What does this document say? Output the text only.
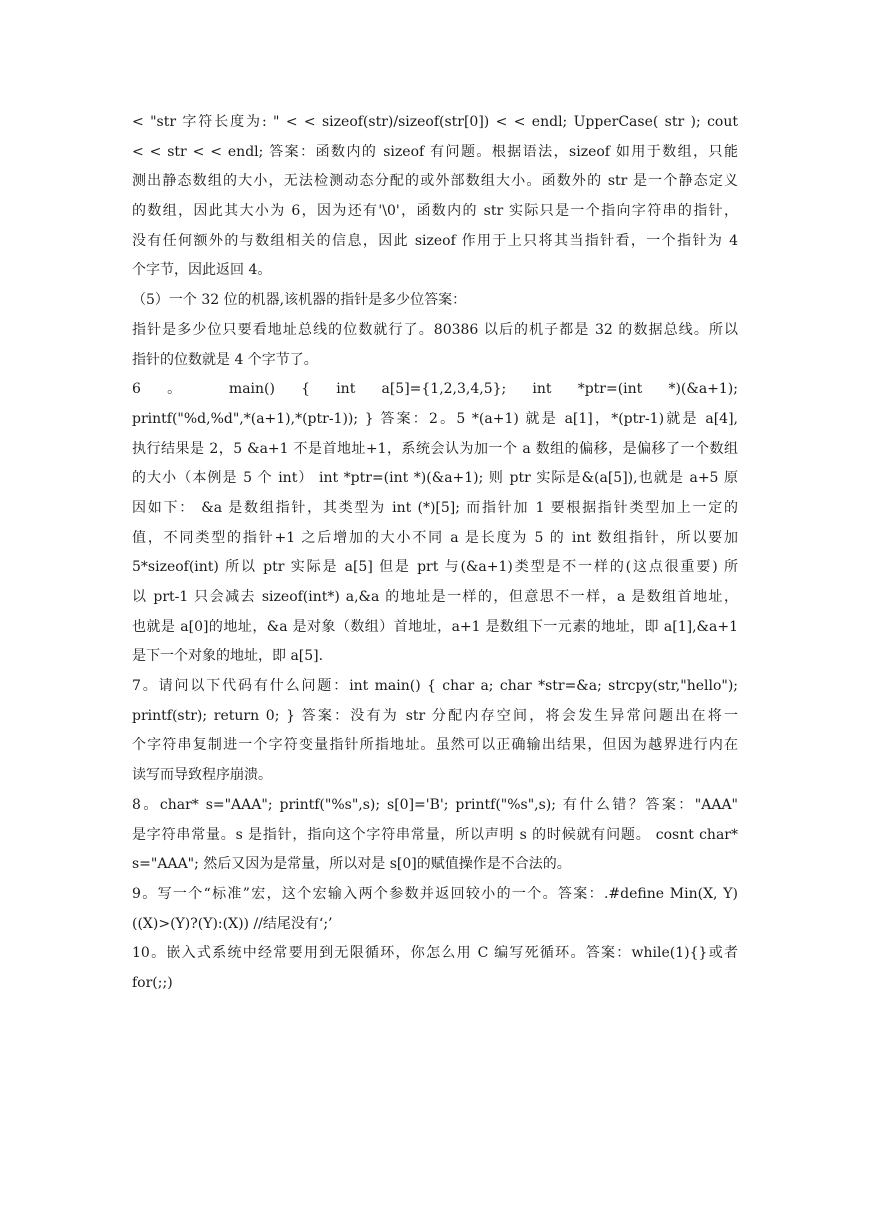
< "str 字符长度为: " < < sizeof(str)/sizeof(str[0]) < < endl; UpperCase( str ); cout
< < str < < endl; 答案：函数内的 sizeof 有问题。根据语法，sizeof 如用于数组，只能
测出静态数组的大小，无法检测动态分配的或外部数组大小。函数外的 str 是一个静态定义
的数组，因此其大小为 6，因为还有'\0'，函数内的 str 实际只是一个指向字符串的指针，
没有任何额外的与数组相关的信息，因此 sizeof 作用于上只将其当指针看，一个指针为 4
个字节，因此返回 4。
（5）一个 32 位的机器,该机器的指针是多少位答案：
指针是多少位只要看地址总线的位数就行了。80386 以后的机子都是 32 的数据总线。所以
指针的位数就是 4 个字节了。
6 。 main() { int a[5]={1,2,3,4,5}; int *ptr=(int *)(&a+1);
printf("%d,%d",*(a+1),*(ptr-1)); } 答案：2。5 *(a+1) 就是 a[1]，*(ptr-1)就是 a[4],
执行结果是 2，5 &a+1 不是首地址+1，系统会认为加一个 a 数组的偏移，是偏移了一个数组
的大小（本例是 5 个 int） int *ptr=(int *)(&a+1); 则 ptr 实际是&(a[5]),也就是 a+5 原
因如下： &a 是数组指针，其类型为 int (*)[5]; 而指针加 1 要根据指针类型加上一定的
值，不同类型的指针+1 之后增加的大小不同 a 是长度为 5 的 int 数组指针，所以要加
5*sizeof(int) 所以 ptr 实际是 a[5] 但是 prt 与(&a+1)类型是不一样的(这点很重要) 所
以 prt-1 只会减去 sizeof(int*) a,&a 的地址是一样的，但意思不一样，a 是数组首地址，
也就是 a[0]的地址，&a 是对象（数组）首地址，a+1 是数组下一元素的地址，即 a[1],&a+1
是下一个对象的地址，即 a[5].
7。请问以下代码有什么问题：int main() { char a; char *str=&a; strcpy(str,"hello");
printf(str); return 0; } 答案：没有为 str 分配内存空间，将会发生异常问题出在将一
个字符串复制进一个字符变量指针所指地址。虽然可以正确输出结果，但因为越界进行内在
读写而导致程序崩溃。
8。char* s="AAA"; printf("%s",s); s[0]='B'; printf("%s",s); 有什么错？答案："AAA"
是字符串常量。s 是指针，指向这个字符串常量，所以声明 s 的时候就有问题。 cosnt char*
s="AAA"; 然后又因为是常量，所以对是 s[0]的赋值操作是不合法的。
9。写一个“标准”宏，这个宏输入两个参数并返回较小的一个。答案：.#define Min(X, Y)
((X)>(Y)?(Y):(X)) //结尾没有‘;’
10。嵌入式系统中经常要用到无限循环，你怎么用 C 编写死循环。答案：while(1){}或者
for(;;)
